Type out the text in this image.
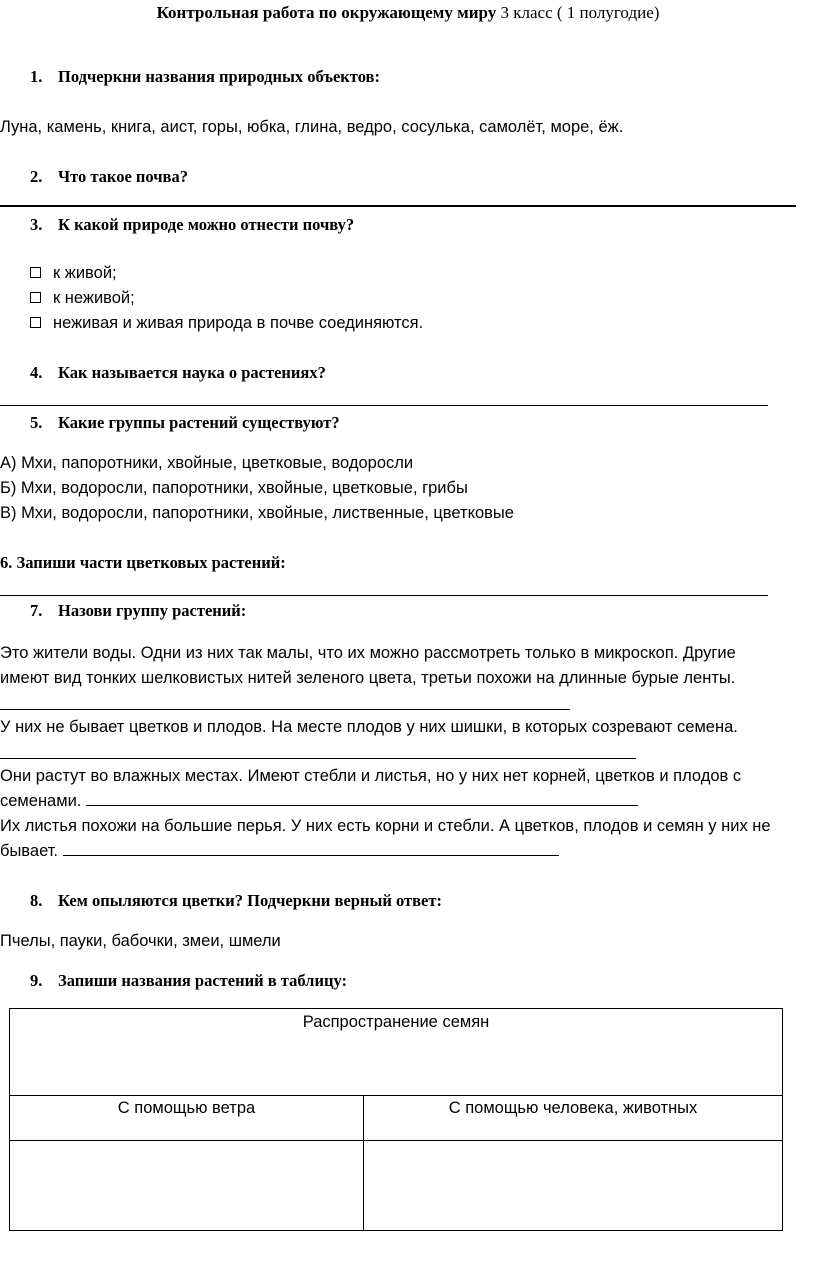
Контрольная работа по окружающему миру 3 класс ( 1 полугодие)
1. Подчеркни названия природных объектов:
Луна, камень, книга, аист, горы, юбка, глина, ведро, сосулька, самолёт, море, ёж.
2. Что такое почва?
3. К какой природе можно отнести почву?
к живой;
к неживой;
неживая и живая природа в почве соединяются.
4. Как называется наука о растениях?
5. Какие группы растений существуют?
А) Мхи, папоротники, хвойные, цветковые, водоросли
Б) Мхи, водоросли, папоротники, хвойные, цветковые, грибы
В) Мхи, водоросли, папоротники, хвойные, лиственные, цветковые
6. Запиши части цветковых растений:
7. Назови группу растений:
Это жители воды. Одни из них так малы, что их можно рассмотреть только в микроскоп. Другие
имеют вид тонких шелковистых нитей зеленого цвета, третьи похожи на длинные бурые ленты.
У них не бывает цветков и плодов. На месте плодов у них шишки, в которых созревают семена.
Они растут во влажных местах. Имеют стебли и листья, но у них нет корней, цветков и плодов с
семенами.
Их листья похожи на большие перья. У них есть корни и стебли. А цветков, плодов и семян у них не
бывает.
8. Кем опыляются цветки? Подчеркни верный ответ:
Пчелы, пауки, бабочки, змеи, шмели
9. Запиши названия растений в таблицу:
Распространение семян	
С помощью ветра	С помощью человека, животных
